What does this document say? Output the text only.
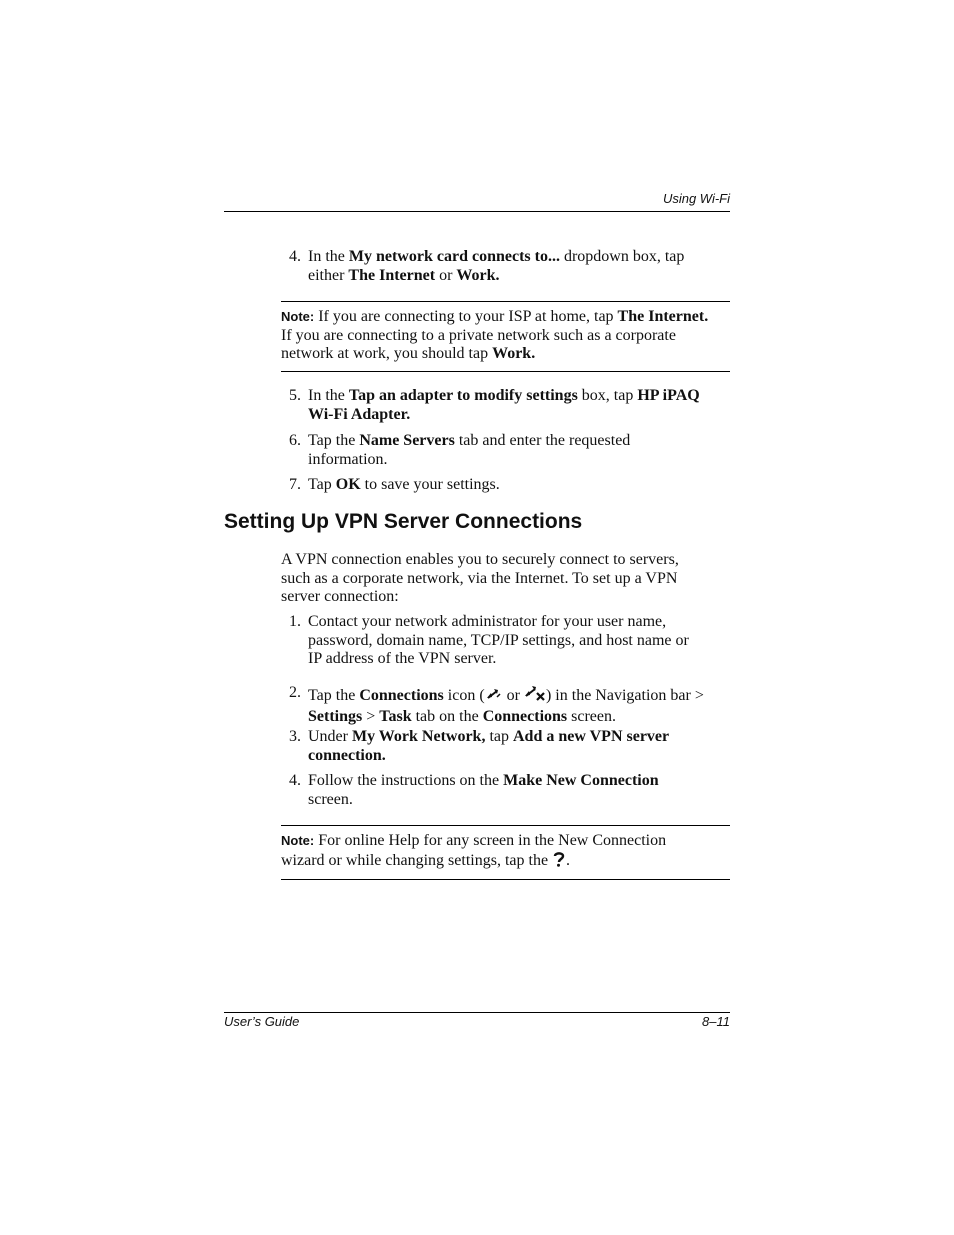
Using Wi-Fi
4. In the My network card connects to... dropdown box, tap either The Internet or Work.
Note: If you are connecting to your ISP at home, tap The Internet. If you are connecting to a private network such as a corporate network at work, you should tap Work.
5. In the Tap an adapter to modify settings box, tap HP iPAQ Wi-Fi Adapter.
6. Tap the Name Servers tab and enter the requested information.
7. Tap OK to save your settings.
Setting Up VPN Server Connections
A VPN connection enables you to securely connect to servers, such as a corporate network, via the Internet. To set up a VPN server connection:
1. Contact your network administrator for your user name, password, domain name, TCP/IP settings, and host name or IP address of the VPN server.
2. Tap the Connections icon ( or ) in the Navigation bar > Settings > Task tab on the Connections screen.
3. Under My Work Network, tap Add a new VPN server connection.
4. Follow the instructions on the Make New Connection screen.
Note: For online Help for any screen in the New Connection wizard or while changing settings, tap the .
User’s Guide	8–11
